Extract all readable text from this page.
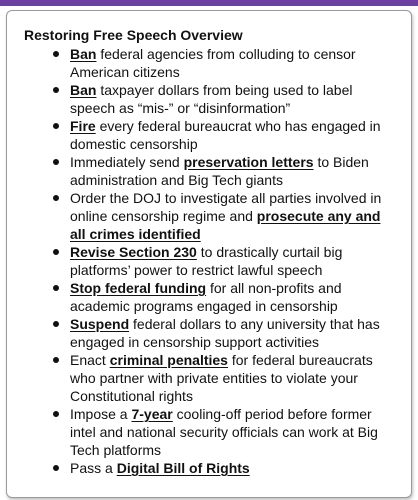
Restoring Free Speech Overview
Ban federal agencies from colluding to censor American citizens
Ban taxpayer dollars from being used to label speech as “mis-” or “disinformation”
Fire every federal bureaucrat who has engaged in domestic censorship
Immediately send preservation letters to Biden administration and Big Tech giants
Order the DOJ to investigate all parties involved in online censorship regime and prosecute any and all crimes identified
Revise Section 230 to drastically curtail big platforms’ power to restrict lawful speech
Stop federal funding for all non-profits and academic programs engaged in censorship
Suspend federal dollars to any university that has engaged in censorship support activities
Enact criminal penalties for federal bureaucrats who partner with private entities to violate your Constitutional rights
Impose a 7-year cooling-off period before former intel and national security officials can work at Big Tech platforms
Pass a Digital Bill of Rights
